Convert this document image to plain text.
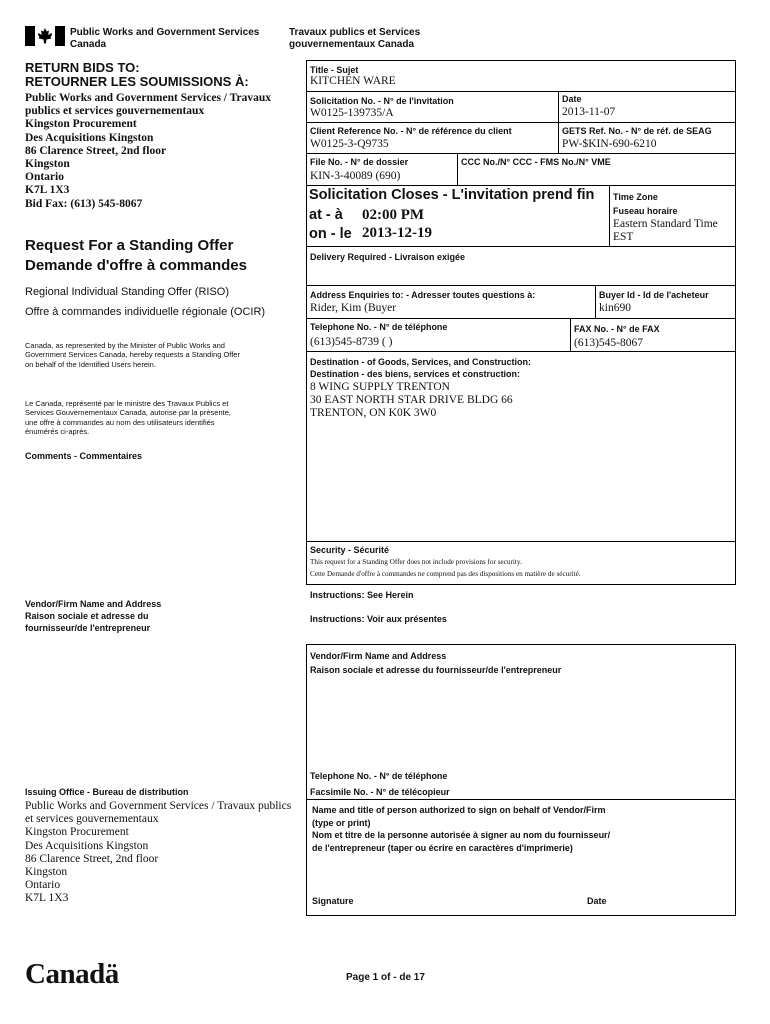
Public Works and Government Services
Canada
Travaux publics et Services
gouvernementaux Canada
RETURN BIDS TO:
RETOURNER LES SOUMISSIONS À:
Public Works and Government Services / Travaux
publics et services gouvernementaux
Kingston Procurement
Des Acquisitions Kingston
86 Clarence Street, 2nd floor
Kingston
Ontario
K7L 1X3
Bid Fax: (613) 545-8067
Request For a Standing Offer
Demande d'offre à commandes
Regional Individual Standing Offer (RISO)
Offre à commandes individuelle régionale (OCIR)
Canada, as represented by the Minister of Public Works and
Government Services Canada, hereby requests a Standing Offer
on behalf of the Identified Users herein.
Le Canada, représenté par le ministre des Travaux Publics et
Services Gouvernementaux Canada, autorise par la présente,
une offre à commandes au nom des utilisateurs identifiés
énumérés ci-après.
Comments - Commentaires
Vendor/Firm Name and Address
Raison sociale et adresse du
fournisseur/de l'entrepreneur
Issuing Office - Bureau de distribution
Public Works and Government Services / Travaux publics
et services gouvernementaux
Kingston Procurement
Des Acquisitions Kingston
86 Clarence Street, 2nd floor
Kingston
Ontario
K7L 1X3
Title - Sujet
KITCHEN WARE
Solicitation No. - N° de l'invitation
W0125-139735/A
Date
2013-11-07
Client Reference No. - N° de référence du client
W0125-3-Q9735
GETS Ref. No. - N° de réf. de SEAG
PW-$KIN-690-6210
File No. - N° de dossier
KIN-3-40089 (690)
CCC No./N° CCC - FMS No./N° VME
Solicitation Closes - L'invitation prend fin
at - à 02:00 PM
on - le 2013-12-19
Time Zone
Fuseau horaire
Eastern Standard Time
EST
Delivery Required - Livraison exigée
Address Enquiries to: - Adresser toutes questions à:
Rider, Kim (Buyer
Buyer Id - Id de l'acheteur
kin690
Telephone No. - N° de téléphone
(613)545-8739 ( )
FAX No. - N° de FAX
(613)545-8067
Destination - of Goods, Services, and Construction:
Destination - des biens, services et construction:
8 WING SUPPLY TRENTON
30 EAST NORTH STAR DRIVE BLDG 66
TRENTON, ON K0K 3W0
Security - Sécurité
This request for a Standing Offer does not include provisions for security.
Cette Demande d'offre à commandes ne comprend pas des dispositions en matière de sécurité.
Instructions: See Herein
Instructions: Voir aux présentes
Vendor/Firm Name and Address
Raison sociale et adresse du fournisseur/de l'entrepreneur
Telephone No. - N° de téléphone
Facsimile No. - N° de télécopieur
Name and title of person authorized to sign on behalf of Vendor/Firm
(type or print)
Nom et titre de la personne autorisée à signer au nom du fournisseur/
de l'entrepreneur (taper ou écrire en caractères d'imprimerie)
Signature	Date
Canadä	Page 1 of - de 17
